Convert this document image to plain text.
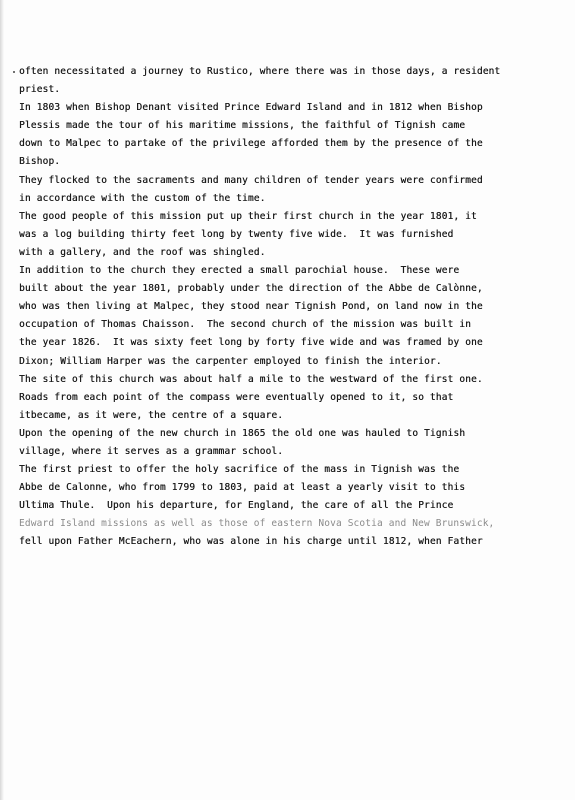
often necessitated a journey to Rustico, where there was in those days, a resident
priest.
In 1803 when Bishop Denant visited Prince Edward Island and in 1812 when Bishop
Plessis made the tour of his maritime missions, the faithful of Tignish came
down to Malpec to partake of the privilege afforded them by the presence of the
Bishop.
They flocked to the sacraments and many children of tender years were confirmed
in accordance with the custom of the time.
The good people of this mission put up their first church in the year 1801, it
was a log building thirty feet long by twenty five wide.  It was furnished
with a gallery, and the roof was shingled.
In addition to the church they erected a small parochial house.  These were
built about the year 1801, probably under the direction of the Abbe de Calònne,
who was then living at Malpec, they stood near Tignish Pond, on land now in the
occupation of Thomas Chaisson.  The second church of the mission was built in
the year 1826.  It was sixty feet long by forty five wide and was framed by one
Dixon; William Harper was the carpenter employed to finish the interior.
The site of this church was about half a mile to the westward of the first one.
Roads from each point of the compass were eventually opened to it, so that
itbecame, as it were, the centre of a square.
Upon the opening of the new church in 1865 the old one was hauled to Tignish
village, where it serves as a grammar school.
The first priest to offer the holy sacrifice of the mass in Tignish was the
Abbe de Calonne, who from 1799 to 1803, paid at least a yearly visit to this
Ultima Thule.  Upon his departure, for England, the care of all the Prince
Edward Island missions as well as those of eastern Nova Scotia and New Brunswick,
fell upon Father McEachern, who was alone in his charge until 1812, when Father
